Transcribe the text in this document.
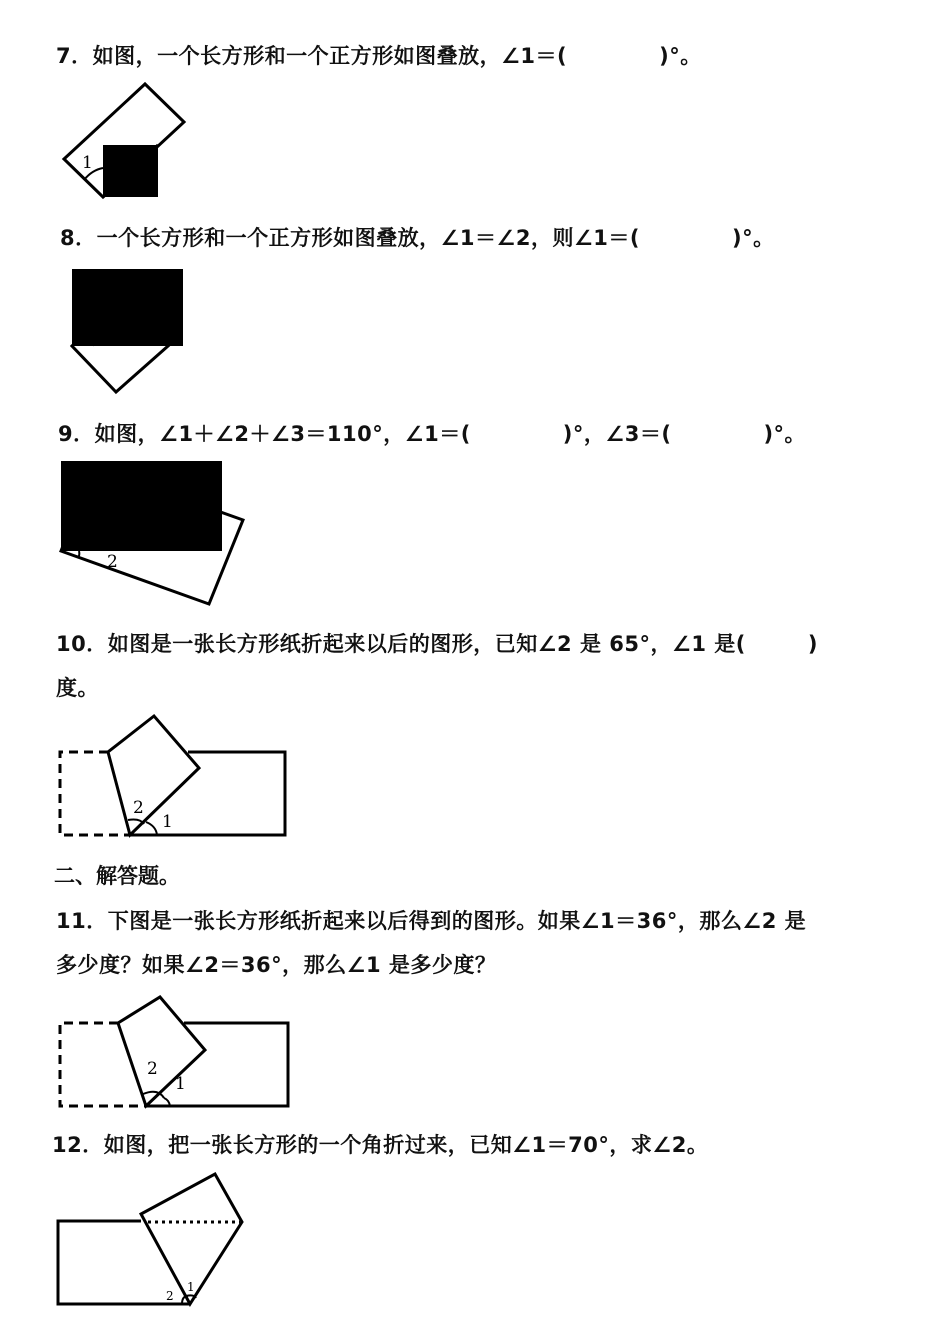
7．如图，一个长方形和一个正方形如图叠放，∠1＝(	)°。
1
8．一个长方形和一个正方形如图叠放，∠1＝∠2，则∠1＝(	)°。
1
2
9．如图，∠1＋∠2＋∠3＝110°，∠1＝(	)°，∠3＝(	)°。
1
3
2
10．如图是一张长方形纸折起来以后的图形，已知∠2 是 65°，∠1 是(	)
度。
2
1
二、解答题。
11．下图是一张长方形纸折起来以后得到的图形。如果∠1＝36°，那么∠2 是
多少度？如果∠2＝36°，那么∠1 是多少度？
2
1
12．如图，把一张长方形的一个角折过来，已知∠1＝70°，求∠2。
2
1
